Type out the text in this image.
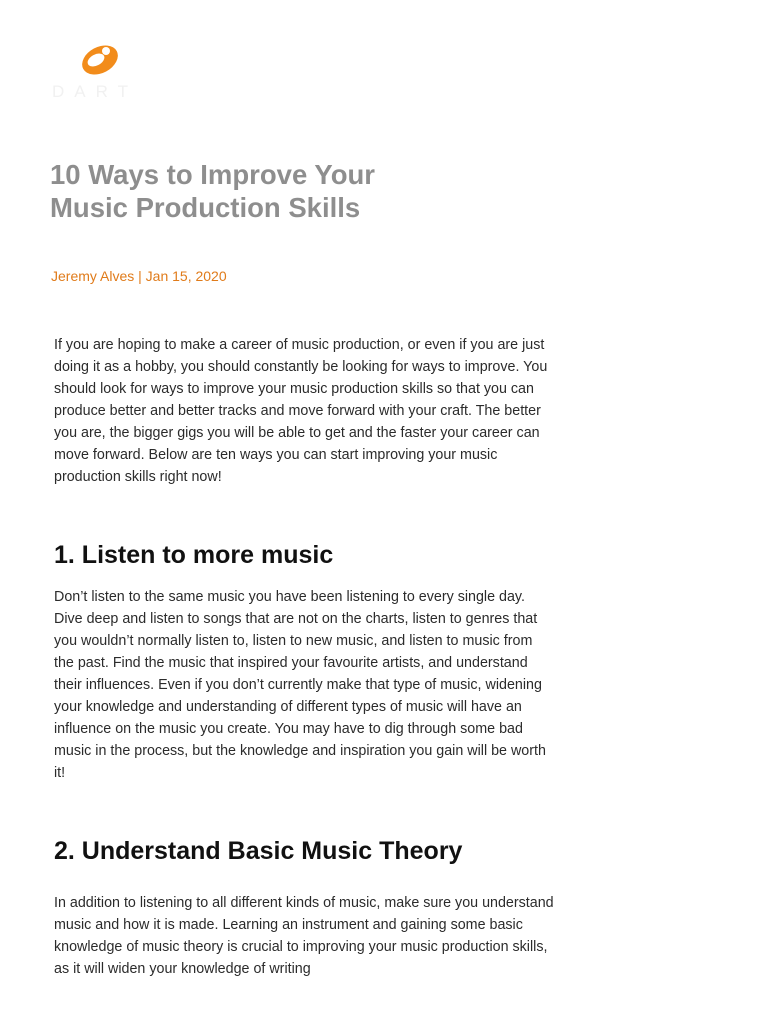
DART
10 Ways to Improve Your Music Production Skills
Jeremy Alves | Jan 15, 2020

If you are hoping to make a career of music production, or even if you are just doing it as a hobby, you should constantly be looking for ways to improve. You should look for ways to improve your music production skills so that you can produce better and better tracks and move forward with your craft. The better you are, the bigger gigs you will be able to get and the faster your career can move forward. Below are ten ways you can start improving your music production skills right now!

1. Listen to more music

Don’t listen to the same music you have been listening to every single day. Dive deep and listen to songs that are not on the charts, listen to genres that you wouldn’t normally listen to, listen to new music, and listen to music from the past. Find the music that inspired your favourite artists, and understand their influences. Even if you don’t currently make that type of music, widening your knowledge and understanding of different types of music will have an influence on the music you create. You may have to dig through some bad music in the process, but the knowledge and inspiration you gain will be worth it!

2. Understand Basic Music Theory

In addition to listening to all different kinds of music, make sure you understand music and how it is made. Learning an instrument and gaining some basic knowledge of music theory is crucial to improving your music production skills, as it will widen your knowledge of writing
